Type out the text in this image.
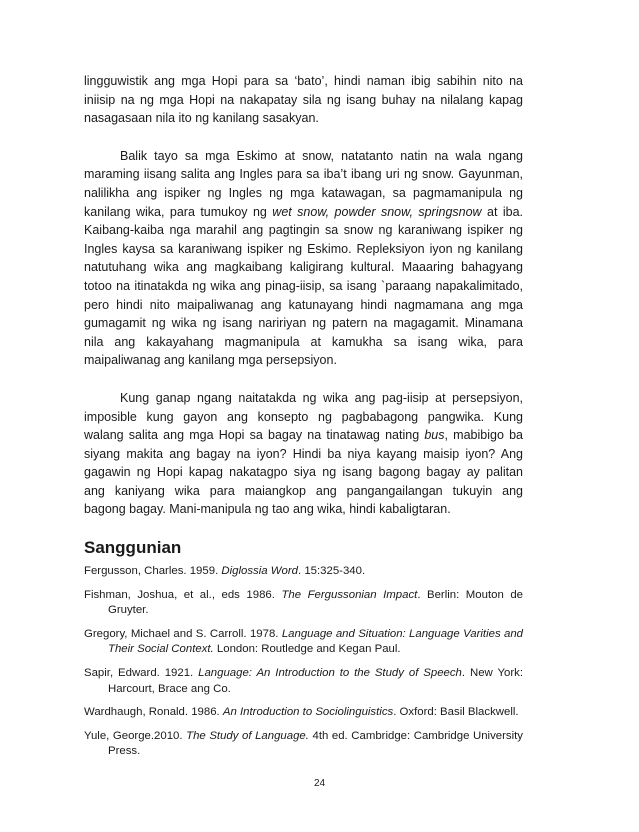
lingguwistik ang mga Hopi para sa ‘bato’, hindi naman ibig sabihin nito na
iniisip na ng mga Hopi na nakapatay sila ng isang buhay na nilalang kapag
nasagasaan nila ito ng kanilang sasakyan.

Balik tayo sa mga Eskimo at snow, natatanto natin na wala ngang
maraming iisang salita ang Ingles para sa iba’t ibang uri ng snow. Gayunman,
nalilikha ang ispiker ng Ingles ng mga katawagan, sa pagmamanipula ng
kanilang wika, para tumukoy ng wet snow, powder snow, springsnow at iba.
Kaibang-kaiba nga marahil ang pagtingin sa snow ng karaniwang ispiker ng
Ingles kaysa sa karaniwang ispiker ng Eskimo. Repleksiyon iyon ng kanilang
natutuhang wika ang magkaibang kaligirang kultural. Maaaring bahagyang
totoo na itinatakda ng wika ang pinag-iisip, sa isang `paraang napakalimitado,
pero hindi nito maipaliwanag ang katunayang hindi nagmamana ang mga
gumagamit ng wika ng isang naririyan ng patern na magagamit. Minamana
nila ang kakayahang magmanipula at kamukha sa isang wika, para
maipaliwanag ang kanilang mga persepsiyon.

Kung ganap ngang naitatakda ng wika ang pag-iisip at persepsiyon,
imposible kung gayon ang konsepto ng pagbabagong pangwika. Kung
walang salita ang mga Hopi sa bagay na tinatawag nating bus, mabibigo ba
siyang makita ang bagay na iyon? Hindi ba niya kayang maisip iyon? Ang
gagawin ng Hopi kapag nakatagpo siya ng isang bagong bagay ay palitan
ang kaniyang wika para maiangkop ang pangangailangan tukuyin ang
bagong bagay. Mani-manipula ng tao ang wika, hindi kabaligtaran.

Sanggunian

Fergusson, Charles. 1959. Diglossia Word. 15:325-340.

Fishman, Joshua, et al., eds 1986. The Fergussonian Impact. Berlin: Mouton de Gruyter.

Gregory, Michael and S. Carroll. 1978. Language and Situation: Language Varities and Their Social Context. London: Routledge and Kegan Paul.

Sapir, Edward. 1921. Language: An Introduction to the Study of Speech. New York: Harcourt, Brace ang Co.

Wardhaugh, Ronald. 1986. An Introduction to Sociolinguistics. Oxford: Basil Blackwell.

Yule, George.2010. The Study of Language. 4th ed. Cambridge: Cambridge University Press.

24
